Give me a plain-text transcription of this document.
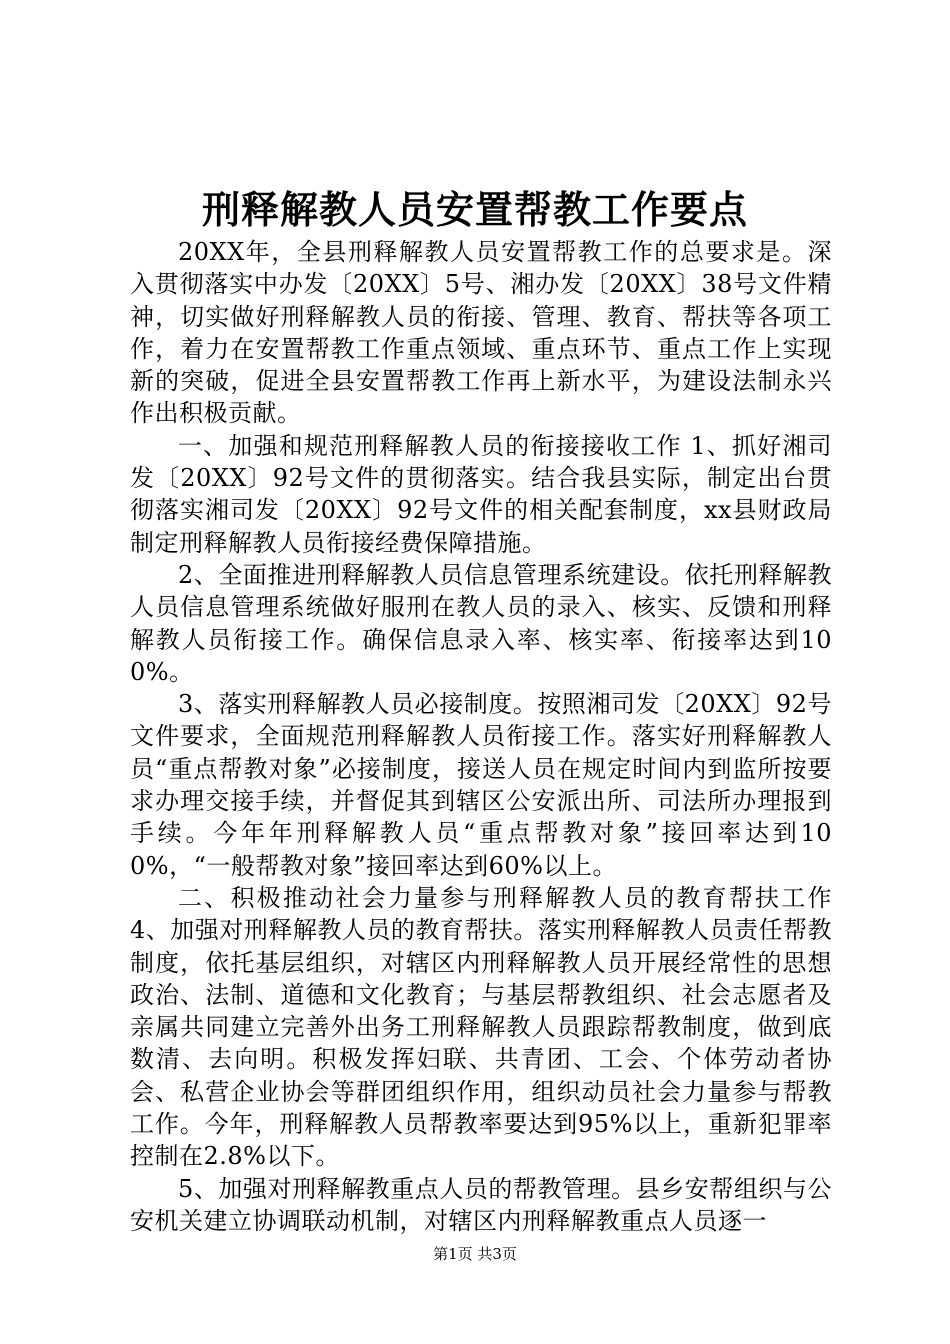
刑释解教人员安置帮教工作要点

20XX年，全县刑释解教人员安置帮教工作的总要求是。深入贯彻落实中办发〔20XX〕5号、湘办发〔20XX〕38号文件精神，切实做好刑释解教人员的衔接、管理、教育、帮扶等各项工作，着力在安置帮教工作重点领域、重点环节、重点工作上实现新的突破，促进全县安置帮教工作再上新水平，为建设法制永兴作出积极贡献。

一、加强和规范刑释解教人员的衔接接收工作 1、抓好湘司发〔20XX〕92号文件的贯彻落实。结合我县实际，制定出台贯彻落实湘司发〔20XX〕92号文件的相关配套制度，xx县财政局制定刑释解教人员衔接经费保障措施。

2、全面推进刑释解教人员信息管理系统建设。依托刑释解教人员信息管理系统做好服刑在教人员的录入、核实、反馈和刑释解教人员衔接工作。确保信息录入率、核实率、衔接率达到100%。

3、落实刑释解教人员必接制度。按照湘司发〔20XX〕92号文件要求，全面规范刑释解教人员衔接工作。落实好刑释解教人员“重点帮教对象”必接制度，接送人员在规定时间内到监所按要求办理交接手续，并督促其到辖区公安派出所、司法所办理报到手续。今年年刑释解教人员“重点帮教对象”接回率达到100%，“一般帮教对象”接回率达到60%以上。

二、积极推动社会力量参与刑释解教人员的教育帮扶工作 4、加强对刑释解教人员的教育帮扶。落实刑释解教人员责任帮教制度，依托基层组织，对辖区内刑释解教人员开展经常性的思想政治、法制、道德和文化教育；与基层帮教组织、社会志愿者及亲属共同建立完善外出务工刑释解教人员跟踪帮教制度，做到底数清、去向明。积极发挥妇联、共青团、工会、个体劳动者协会、私营企业协会等群团组织作用，组织动员社会力量参与帮教工作。今年，刑释解教人员帮教率要达到95%以上，重新犯罪率控制在2.8%以下。

5、加强对刑释解教重点人员的帮教管理。县乡安帮组织与公安机关建立协调联动机制，对辖区内刑释解教重点人员逐一

第1页 共3页
